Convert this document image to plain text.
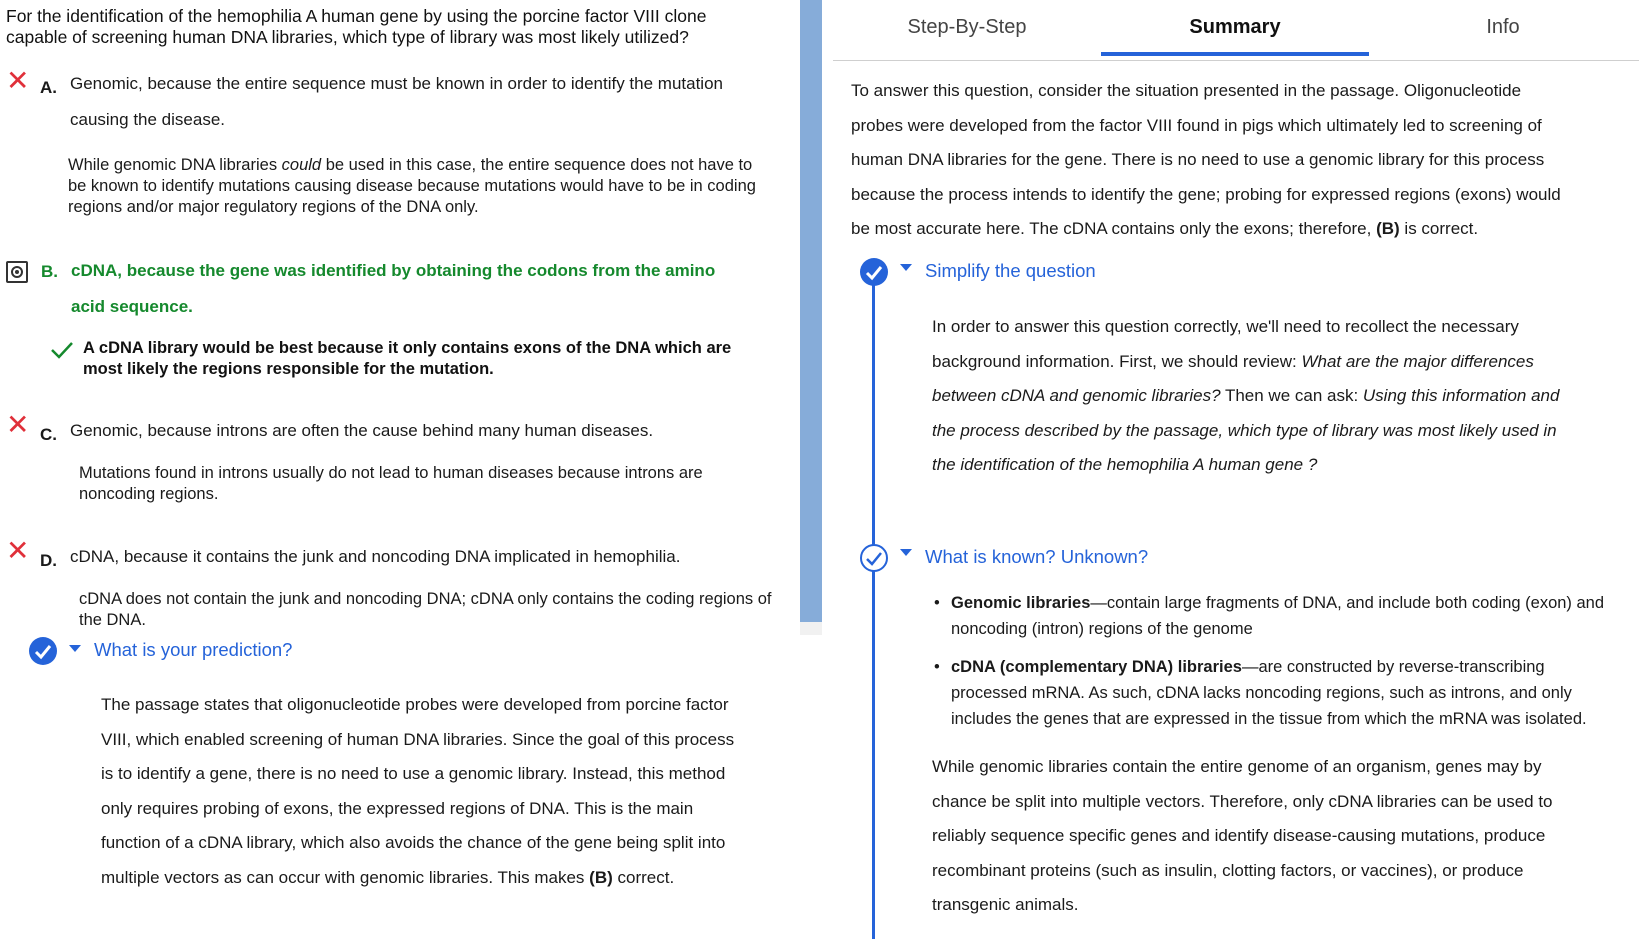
For the identification of the hemophilia A human gene by using the porcine factor VIII clone capable of screening human DNA libraries, which type of library was most likely utilized?
✕ A. Genomic, because the entire sequence must be known in order to identify the mutation
causing the disease.
While genomic DNA libraries could be used in this case, the entire sequence does not have to be known to identify mutations causing disease because mutations would have to be in coding regions and/or major regulatory regions of the DNA only.
B. cDNA, because the gene was identified by obtaining the codons from the amino
acid sequence.
A cDNA library would be best because it only contains exons of the DNA which are most likely the regions responsible for the mutation.
✕ C. Genomic, because introns are often the cause behind many human diseases.
Mutations found in introns usually do not lead to human diseases because introns are noncoding regions.
✕ D. cDNA, because it contains the junk and noncoding DNA implicated in hemophilia.
cDNA does not contain the junk and noncoding DNA; cDNA only contains the coding regions of the DNA.
What is your prediction?
The passage states that oligonucleotide probes were developed from porcine factor
VIII, which enabled screening of human DNA libraries. Since the goal of this process
is to identify a gene, there is no need to use a genomic library. Instead, this method
only requires probing of exons, the expressed regions of DNA. This is the main
function of a cDNA library, which also avoids the chance of the gene being split into
multiple vectors as can occur with genomic libraries. This makes (B) correct.
Step-By-Step	Summary	Info
To answer this question, consider the situation presented in the passage. Oligonucleotide
probes were developed from the factor VIII found in pigs which ultimately led to screening of
human DNA libraries for the gene. There is no need to use a genomic library for this process
because the process intends to identify the gene; probing for expressed regions (exons) would
be most accurate here. The cDNA contains only the exons; therefore, (B) is correct.
Simplify the question
In order to answer this question correctly, we'll need to recollect the necessary
background information. First, we should review: What are the major differences
between cDNA and genomic libraries? Then we can ask: Using this information and
the process described by the passage, which type of library was most likely used in
the identification of the hemophilia A human gene ?
What is known? Unknown?
• Genomic libraries—contain large fragments of DNA, and include both coding (exon) and
noncoding (intron) regions of the genome
• cDNA (complementary DNA) libraries—are constructed by reverse-transcribing
processed mRNA. As such, cDNA lacks noncoding regions, such as introns, and only
includes the genes that are expressed in the tissue from which the mRNA was isolated.
While genomic libraries contain the entire genome of an organism, genes may by
chance be split into multiple vectors. Therefore, only cDNA libraries can be used to
reliably sequence specific genes and identify disease-causing mutations, produce
recombinant proteins (such as insulin, clotting factors, or vaccines), or produce
transgenic animals.
